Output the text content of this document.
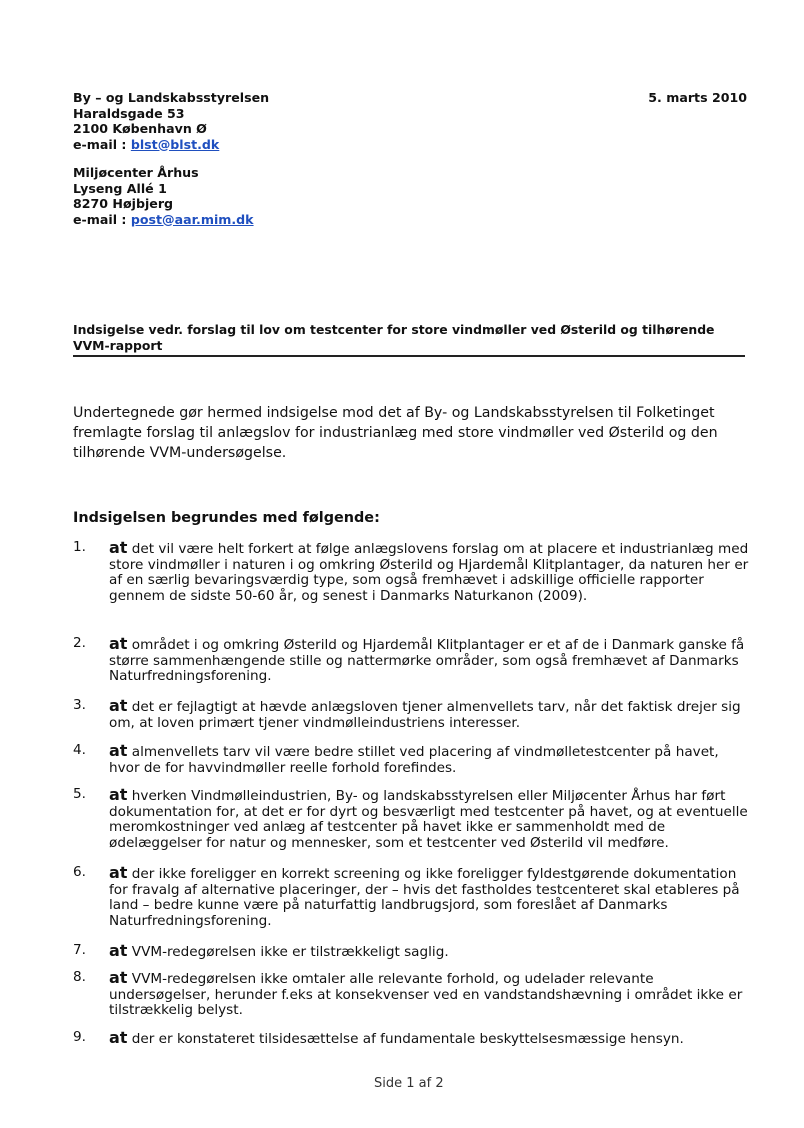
By – og Landskabsstyrelsen
Haraldsgade 53
2100 København Ø
e-mail : blst@blst.dk
5. marts 2010
Miljøcenter Århus
Lyseng Allé 1
8270 Højbjerg
e-mail : post@aar.mim.dk
Indsigelse vedr. forslag til lov om testcenter for store vindmøller ved Østerild og tilhørende
VVM-rapport
Undertegnede gør hermed indsigelse mod det af By- og Landskabsstyrelsen til Folketinget fremlagte forslag til anlægslov for industrianlæg med store vindmøller ved Østerild og den tilhørende VVM-undersøgelse.
Indsigelsen begrundes med følgende:
1. at det vil være helt forkert at følge anlægslovens forslag om at placere et industrianlæg med store vindmøller i naturen i og omkring Østerild og Hjardemål Klitplantager, da naturen her er af en særlig bevaringsværdig type, som også fremhævet i adskillige officielle rapporter gennem de sidste 50-60 år, og senest i Danmarks Naturkanon (2009).
2. at området i og omkring Østerild og Hjardemål Klitplantager er et af de i Danmark ganske få større sammenhængende stille og nattermørke områder, som også fremhævet af Danmarks Naturfredningsforening.
3. at det er fejlagtigt at hævde anlægsloven tjener almenvellets tarv, når det faktisk drejer sig om, at loven primært tjener vindmølleindustriens interesser.
4. at almenvellets tarv vil være bedre stillet ved placering af vindmølletestcenter på havet, hvor de for havvindmøller reelle forhold forefindes.
5. at hverken Vindmølleindustrien, By- og landskabsstyrelsen eller Miljøcenter Århus har ført dokumentation for, at det er for dyrt og besværligt med testcenter på havet, og at eventuelle meromkostninger ved anlæg af testcenter på havet ikke er sammenholdt med de ødelæggelser for natur og mennesker, som et testcenter ved Østerild vil medføre.
6. at der ikke foreligger en korrekt screening og ikke foreligger fyldestgørende dokumentation for fravalg af alternative placeringer, der – hvis det fastholdes testcenteret skal etableres på land – bedre kunne være på naturfattig landbrugsjord, som foreslået af Danmarks Naturfredningsforening.
7. at VVM-redegørelsen ikke er tilstrækkeligt saglig.
8. at VVM-redegørelsen ikke omtaler alle relevante forhold, og udelader relevante undersøgelser, herunder f.eks at konsekvenser ved en vandstandshævning i området ikke er tilstrækkelig belyst.
9. at der er konstateret tilsidesættelse af fundamentale beskyttelsesmæssige hensyn.
Side 1 af 2
